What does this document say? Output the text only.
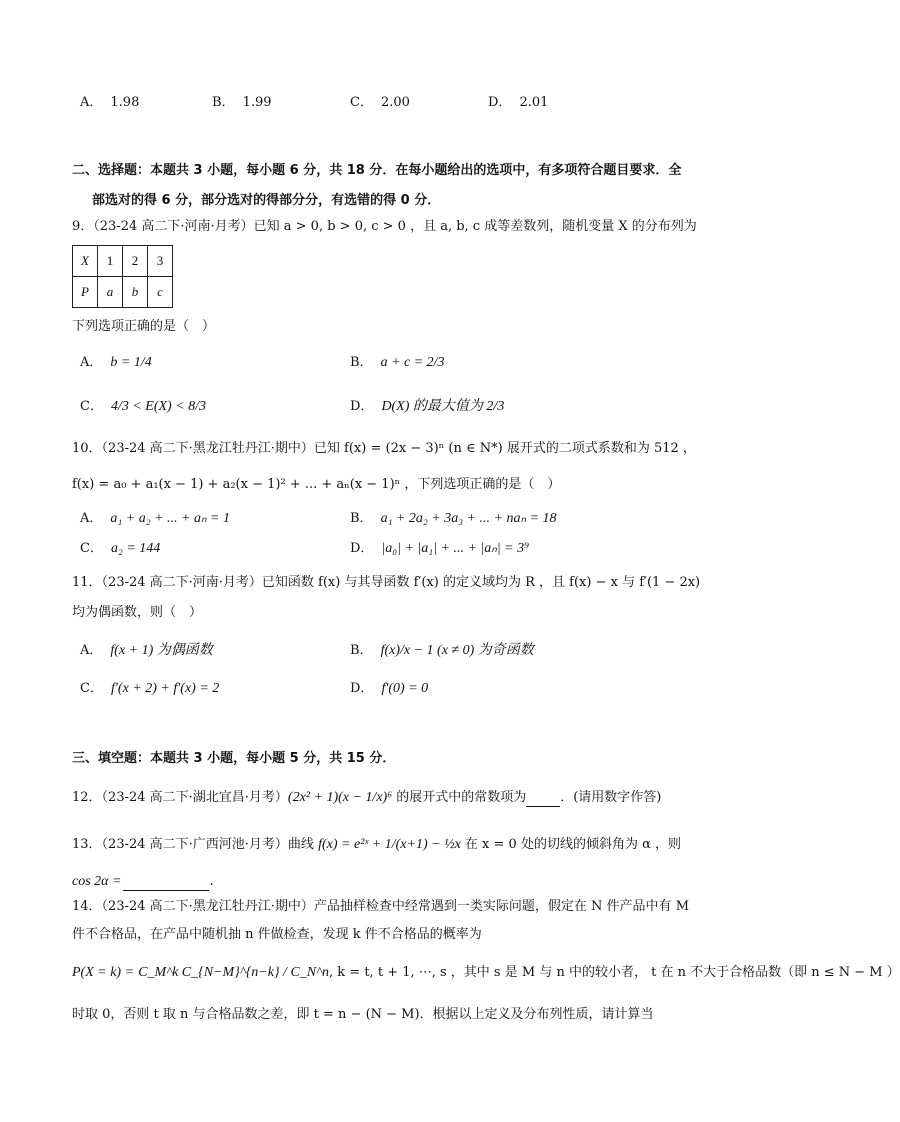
A． 1.98	B． 1.99	C． 2.00	D． 2.01
二、选择题：本题共 3 小题，每小题 6 分，共 18 分．在每小题给出的选项中，有多项符合题目要求．全
部选对的得 6 分，部分选对的得部分分，有选错的得 0 分．
9．（23-24 高二下·河南·月考）已知 a > 0, b > 0, c > 0 ，且 a, b, c 成等差数列，随机变量 X 的分布列为
X	1	2	3
P	a	b	c
下列选项正确的是（　）
A． b = 1/4	B． a + c = 2/3
C． 4/3 < E(X) < 8/3	D． D(X) 的最大值为 2/3
10．（23-24 高二下·黑龙江牡丹江·期中）已知 f(x) = (2x − 3)ⁿ (n ∈ N*) 展开式的二项式系数和为 512 ，
f(x) = a₀ + a₁(x − 1) + a₂(x − 1)² + ... + aₙ(x − 1)ⁿ ，下列选项正确的是（　）
A． a₁ + a₂ + ... + aₙ = 1	B． a₁ + 2a₂ + 3a₃ + ... + naₙ = 18
C． a₂ = 144	D． |a₀| + |a₁| + ... + |aₙ| = 3⁹
11．（23-24 高二下·河南·月考）已知函数 f(x) 与其导函数 f′(x) 的定义域均为 R ，且 f(x) − x 与 f′(1 − 2x)
均为偶函数，则（　）
A． f(x + 1) 为偶函数	B． f(x)/x − 1 (x ≠ 0) 为奇函数
C． f′(x + 2) + f′(x) = 2	D． f′(0) = 0
三、填空题：本题共 3 小题，每小题 5 分，共 15 分．
12．（23-24 高二下·湖北宜昌·月考）(2x² + 1)(x − 1/x)⁶ 的展开式中的常数项为	．(请用数字作答)
13．（23-24 高二下·广西河池·月考）曲线 f(x) = e²ˣ + 1/(x+1) − ½x 在 x = 0 处的切线的倾斜角为 α ，则
cos 2α =	.
14．（23-24 高二下·黑龙江牡丹江·期中）产品抽样检查中经常遇到一类实际问题，假定在 N 件产品中有 M
件不合格品，在产品中随机抽 n 件做检查，发现 k 件不合格品的概率为
P(X = k) = C_M^k C_{N−M}^{n−k} / C_N^n, k = t, t + 1, ⋯, s ，其中 s 是 M 与 n 中的较小者， t 在 n 不大于合格品数（即 n ≤ N − M ）
时取 0，否则 t 取 n 与合格品数之差，即 t = n − (N − M)．根据以上定义及分布列性质，请计算当
